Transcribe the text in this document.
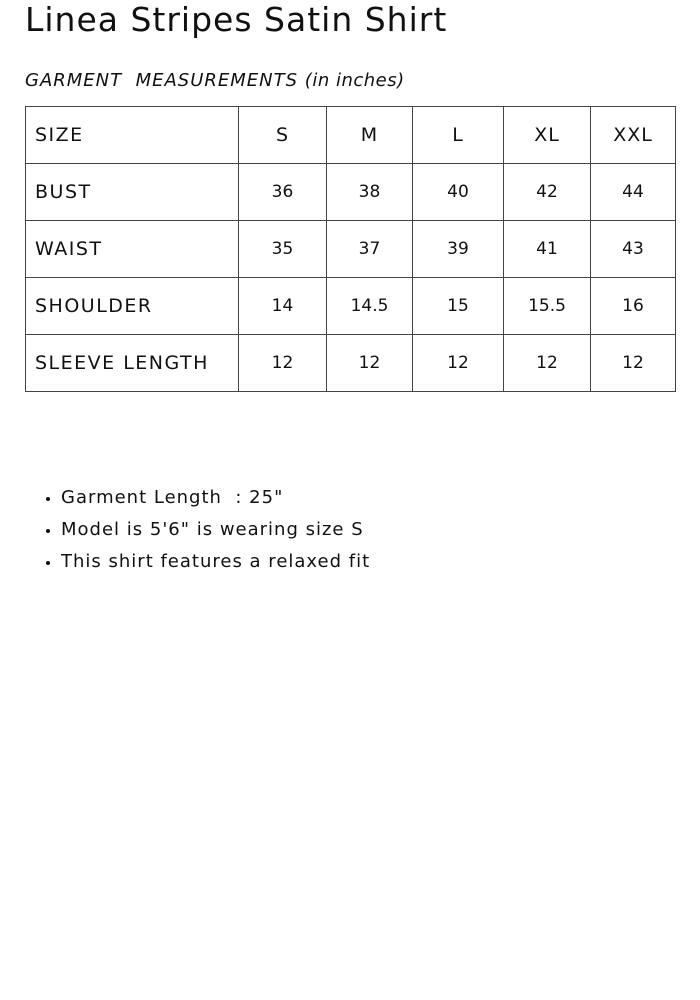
Linea Stripes Satin Shirt

GARMENT  MEASUREMENTS (in inches)

SIZE	S	M	L	XL	XXL
BUST	36	38	40	42	44
WAIST	35	37	39	41	43
SHOULDER	14	14.5	15	15.5	16
SLEEVE LENGTH	12	12	12	12	12
• Garment Length  : 25"
• Model is 5'6" is wearing size S
• This shirt features a relaxed fit
